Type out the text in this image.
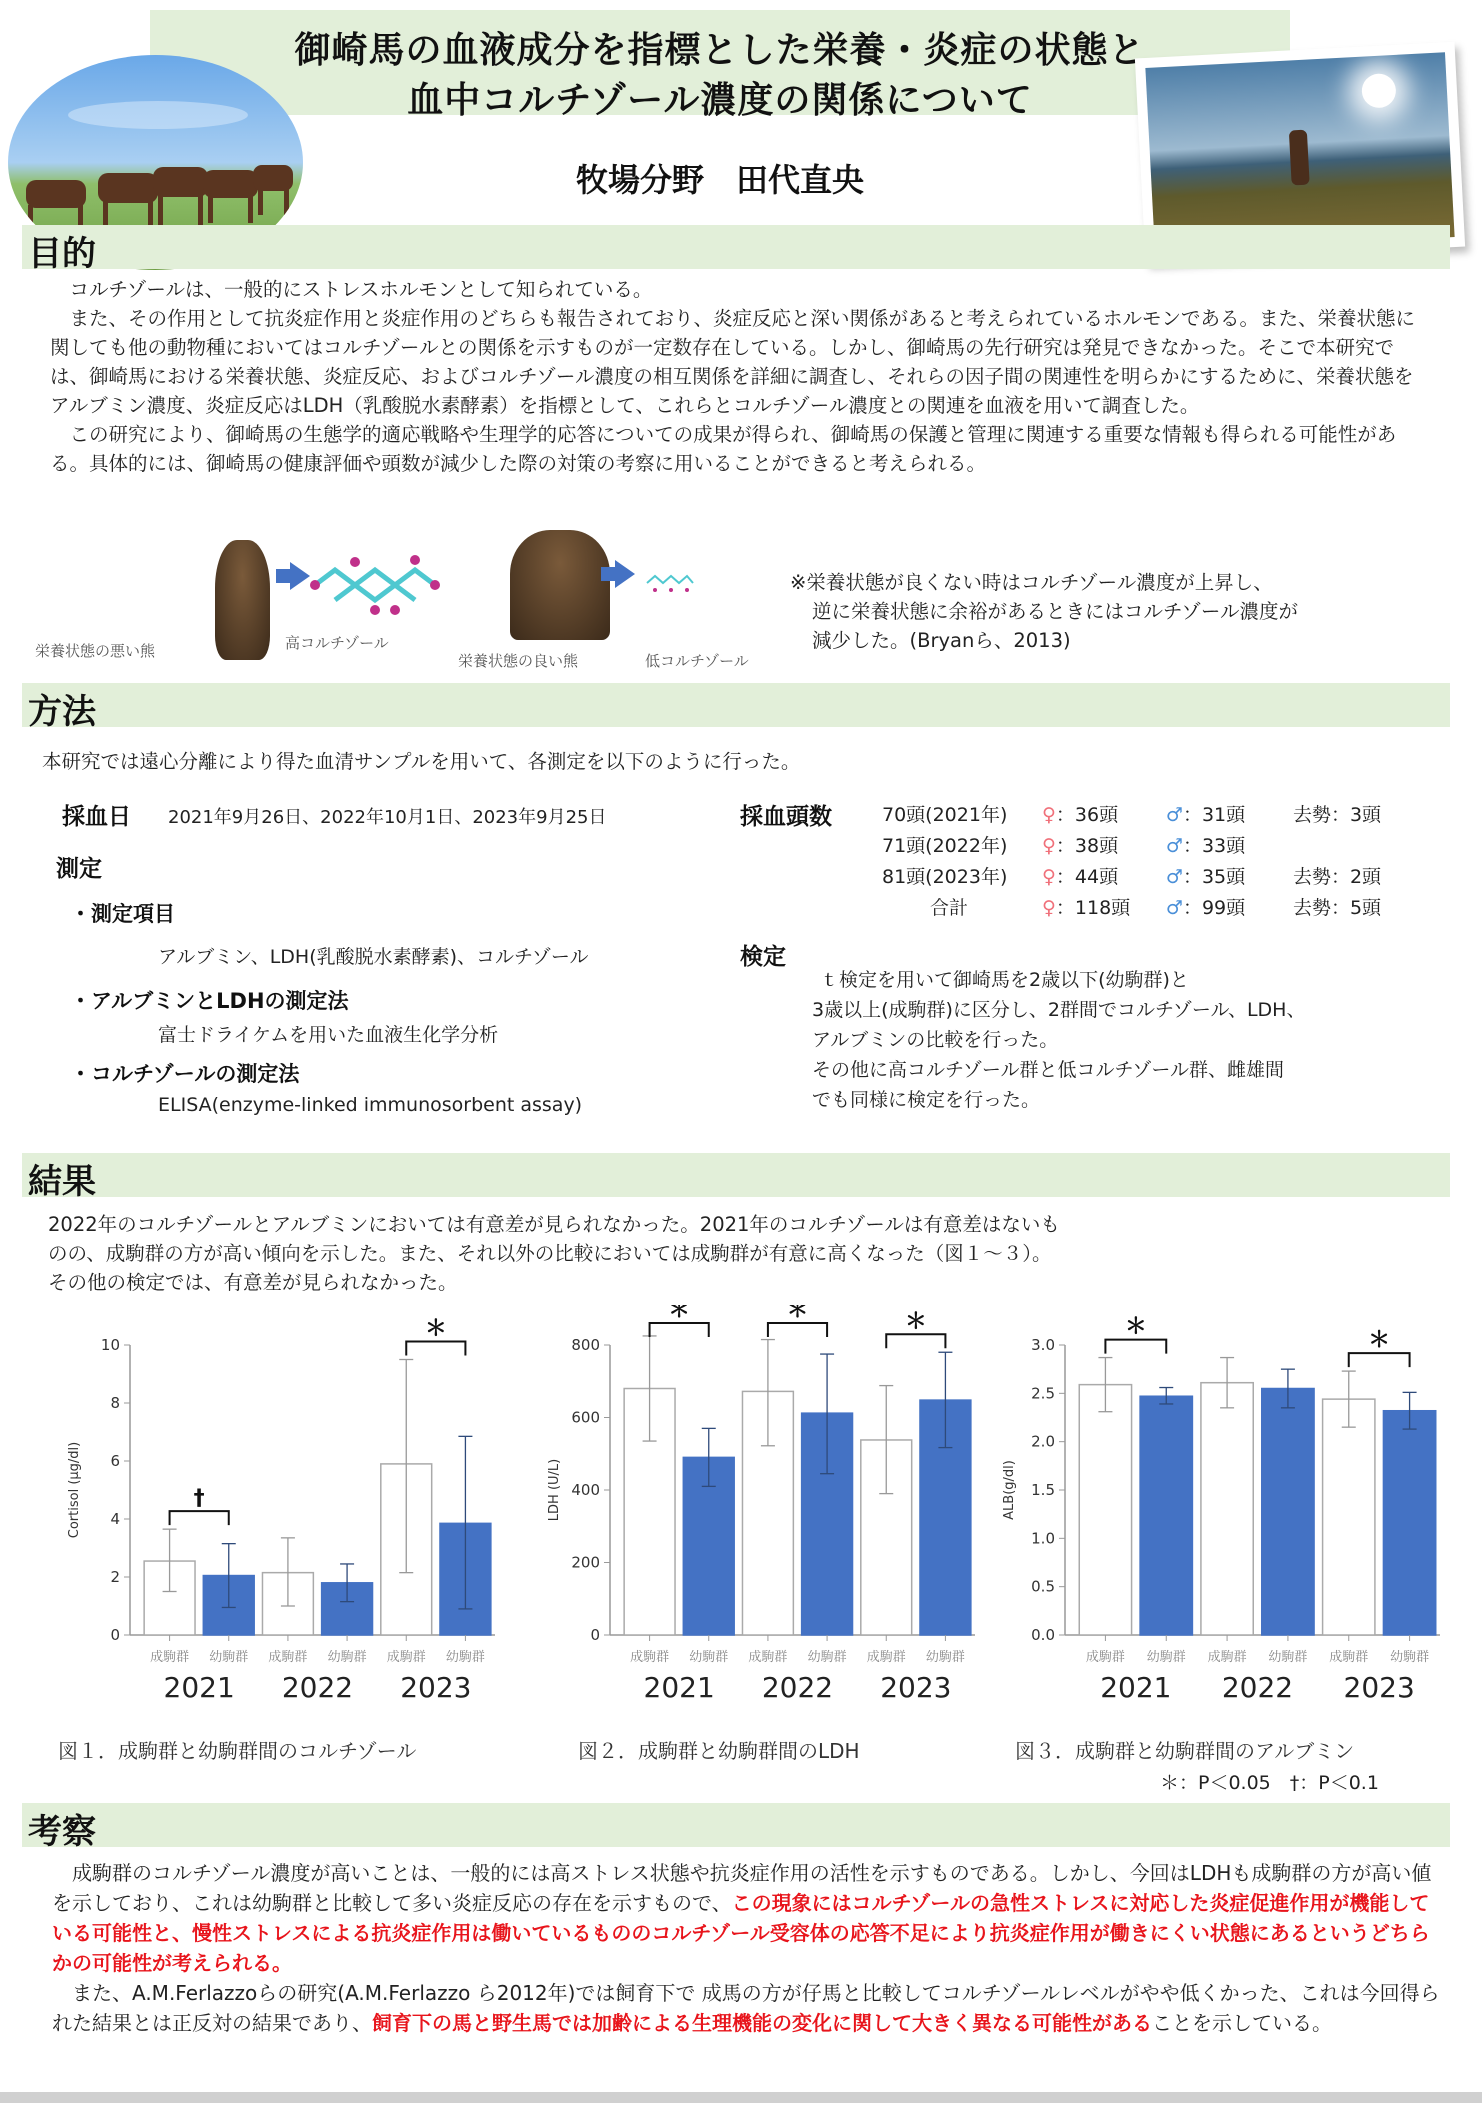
御崎馬の血液成分を指標とした栄養・炎症の状態と
血中コルチゾール濃度の関係について
牧場分野　田代直央
目的

コルチゾールは、一般的にストレスホルモンとして知られている。

また、その作用として抗炎症作用と炎症作用のどちらも報告されており、炎症反応と深い関係があると考えられているホルモンである。また、栄養状態に関しても他の動物種においてはコルチゾールとの関係を示すものが一定数存在している。しかし、御崎馬の先行研究は発見できなかった。そこで本研究では、御崎馬における栄養状態、炎症反応、およびコルチゾール濃度の相互関係を詳細に調査し、それらの因子間の関連性を明らかにするために、栄養状態をアルブミン濃度、炎症反応はLDH（乳酸脱水素酵素）を指標として、これらとコルチゾール濃度との関連を血液を用いて調査した。

この研究により、御崎馬の生態学的適応戦略や生理学的応答についての成果が得られ、御崎馬の保護と管理に関連する重要な情報も得られる可能性がある。具体的には、御崎馬の健康評価や頭数が減少した際の対策の考察に用いることができると考えられる。

栄養状態の悪い熊	高コルチゾール
栄養状態の良い熊	低コルチゾール
※栄養状態が良くない時はコルチゾール濃度が上昇し、
逆に栄養状態に余裕があるときにはコルチゾール濃度が
減少した。(Bryanら、2013)
方法
本研究では遠心分離により得た血清サンプルを用いて、各測定を以下のように行った。
採血日 2021年9月26日、2022年10月1日、2023年9月25日	採血頭数	70頭(2021年)	♀ ：36頭	♂ ：31頭	去勢：3頭
71頭(2022年)	♀ ：38頭	♂ ：33頭
81頭(2023年)	♀ ：44頭	♂ ：35頭	去勢：2頭
合計	♀ ：118頭	♂ ：99頭	去勢：5頭
測定
・測定項目
アルブミン、LDH(乳酸脱水素酵素)、コルチゾール	検定
・アルブミンとLDHの測定法
富士ドライケムを用いた血液生化学分析
・コルチゾールの測定法
ELISA(enzyme-linked immunosorbent assay)
ｔ検定を用いて御崎馬を2歳以下(幼駒群)と
3歳以上(成駒群)に区分し、2群間でコルチゾール、LDH、
アルブミンの比較を行った。
その他に高コルチゾール群と低コルチゾール群、雌雄間
でも同様に検定を行った。
結果
2022年のコルチゾールとアルブミンにおいては有意差が見られなかった。2021年のコルチゾールは有意差はないも
のの、成駒群の方が高い傾向を示した。また、それ以外の比較においては成駒群が有意に高くなった（図１～３）。
その他の検定では、有意差が見られなかった。
0
2
4
6
8
10
Cortisol (μg/dl)
成駒群 幼駒群
2021
成駒群 幼駒群
2022
成駒群 幼駒群
2023
†
＊
0
200
400
600
800
LDH (U/L)
成駒群 幼駒群
2021
成駒群 幼駒群
2022
成駒群 幼駒群
2023
＊	＊	＊
0.0
0.5
1.0
1.5
2.0
2.5
3.0
ALB(g/dl)
成駒群 幼駒群
2021
成駒群 幼駒群
2022
成駒群 幼駒群
2023
＊
＊
図１．成駒群と幼駒群間のコルチゾール	図２．成駒群と幼駒群間のLDH	図３．成駒群と幼駒群間のアルブミン
＊：P＜0.05　†：P＜0.1
考察

成駒群のコルチゾール濃度が高いことは、一般的には高ストレス状態や抗炎症作用の活性を示すものである。しかし、今回はLDHも成駒群の方が高い値を示しており、これは幼駒群と比較して多い炎症反応の存在を示すもので、この現象にはコルチゾールの急性ストレスに対応した炎症促進作用が機能している可能性と、慢性ストレスによる抗炎症作用は働いているもののコルチゾール受容体の応答不足により抗炎症作用が働きにくい状態にあるというどちらかの可能性が考えられる。

また、A.M.Ferlazzoらの研究(A.M.Ferlazzo ら2012年)では飼育下で 成馬の方が仔馬と比較してコルチゾールレベルがやや低くかった、これは今回得られた結果とは正反対の結果であり、飼育下の馬と野生馬では加齢による生理機能の変化に関して大きく異なる可能性があることを示している。
